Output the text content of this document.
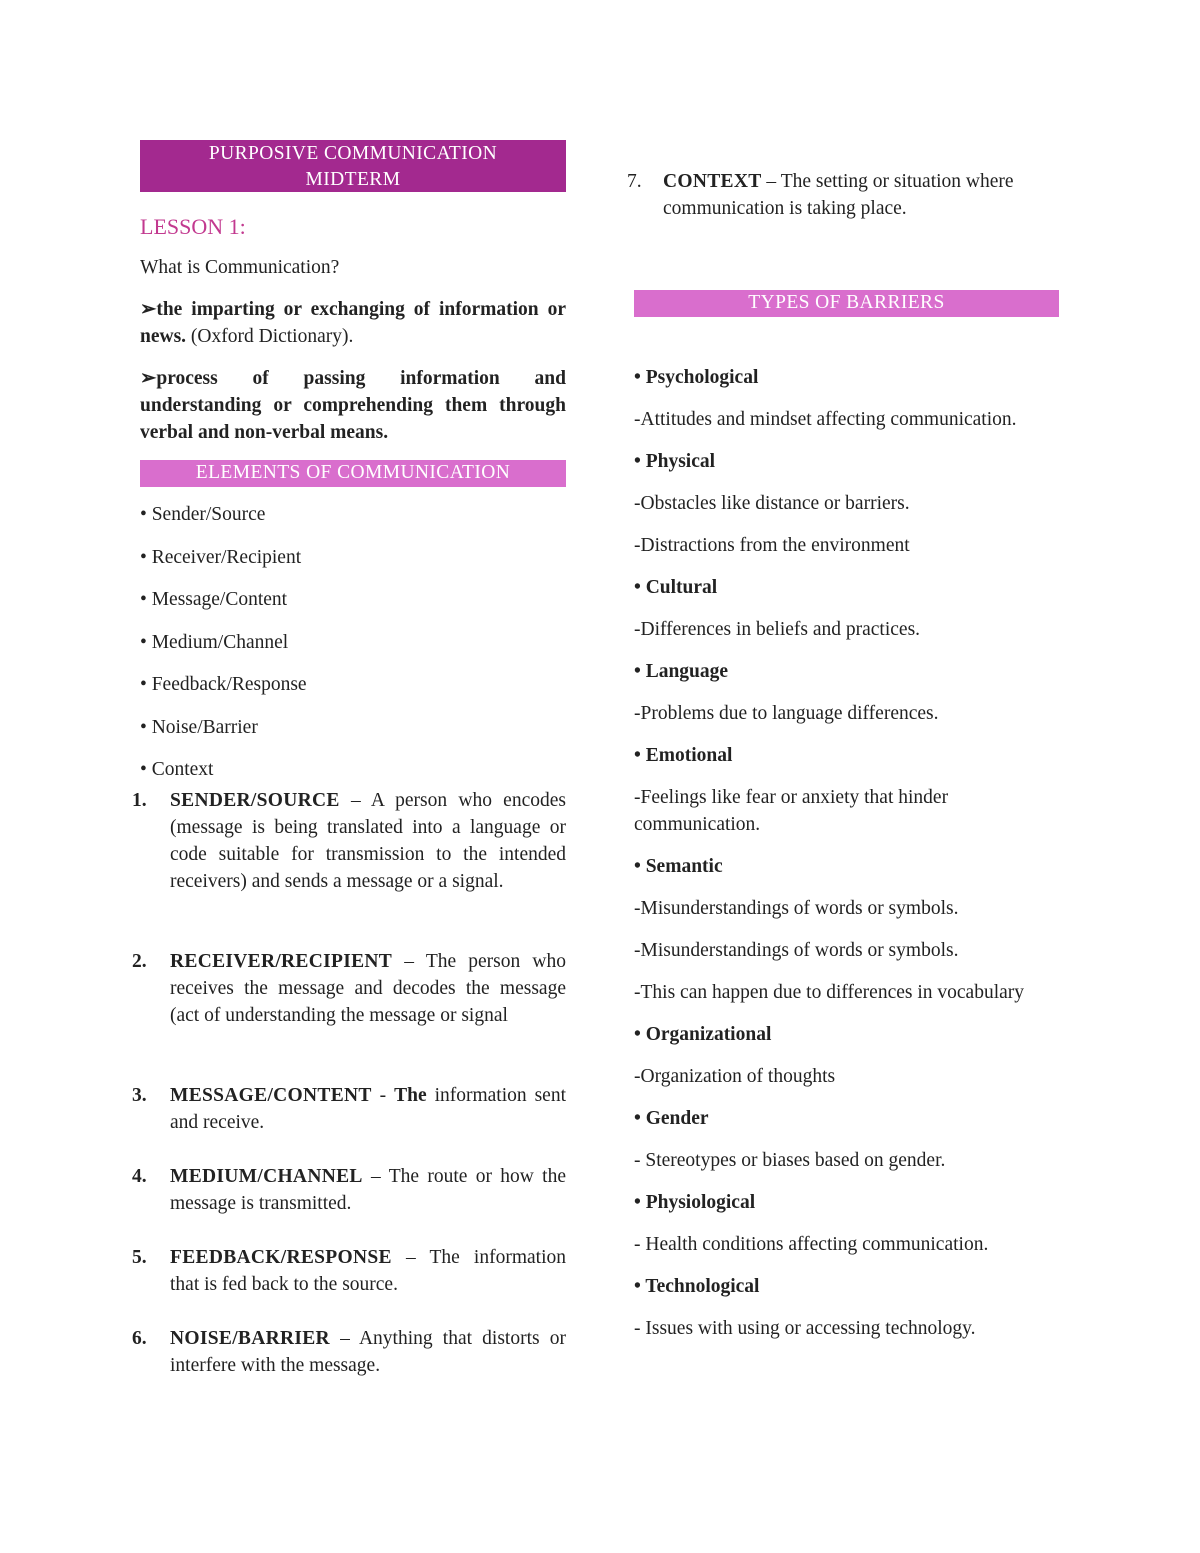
PURPOSIVE COMMUNICATION
MIDTERM
LESSON 1:

What is Communication?

➢the imparting or exchanging of information or news. (Oxford Dictionary).

➢process of passing information and understanding or comprehending them through verbal and non-verbal means.

ELEMENTS OF COMMUNICATION
• Sender/Source
• Receiver/Recipient
• Message/Content
• Medium/Channel
• Feedback/Response
• Noise/Barrier
• Context
1. SENDER/SOURCE – A person who encodes (message is being translated into a language or code suitable for transmission to the intended receivers) and sends a message or a signal.
2. RECEIVER/RECIPIENT – The person who receives the message and decodes the message (act of understanding the message or signal
3. MESSAGE/CONTENT - The information sent and receive.
4. MEDIUM/CHANNEL – The route or how the message is transmitted.
5. FEEDBACK/RESPONSE – The information that is fed back to the source.
6. NOISE/BARRIER – Anything that distorts or interfere with the message.
7. CONTEXT – The setting or situation where communication is taking place.
TYPES OF BARRIERS

• Psychological

-Attitudes and mindset affecting communication.

• Physical

-Obstacles like distance or barriers.

-Distractions from the environment

• Cultural

-Differences in beliefs and practices.

• Language

-Problems due to language differences.

• Emotional

-Feelings like fear or anxiety that hinder communication.

• Semantic

-Misunderstandings of words or symbols.

-Misunderstandings of words or symbols.

-This can happen due to differences in vocabulary

• Organizational

-Organization of thoughts

• Gender

- Stereotypes or biases based on gender.

• Physiological

- Health conditions affecting communication.

• Technological

- Issues with using or accessing technology.
